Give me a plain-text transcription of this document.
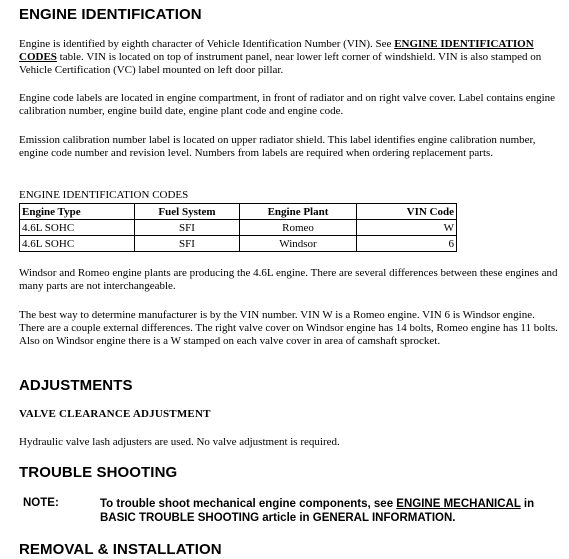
ENGINE IDENTIFICATION

Engine is identified by eighth character of Vehicle Identification Number (VIN). See ENGINE IDENTIFICATION CODES table. VIN is located on top of instrument panel, near lower left corner of windshield. VIN is also stamped on Vehicle Certification (VC) label mounted on left door pillar.

Engine code labels are located in engine compartment, in front of radiator and on right valve cover. Label contains engine calibration number, engine build date, engine plant code and engine code.

Emission calibration number label is located on upper radiator shield. This label identifies engine calibration number, engine code number and revision level. Numbers from labels are required when ordering replacement parts.

ENGINE IDENTIFICATION CODES
Engine Type	Fuel System	Engine Plant	VIN Code
4.6L SOHC	SFI	Romeo	W
4.6L SOHC	SFI	Windsor	6

Windsor and Romeo engine plants are producing the 4.6L engine. There are several differences between these engines and many parts are not interchangeable.

The best way to determine manufacturer is by the VIN number. VIN W is a Romeo engine. VIN 6 is Windsor engine. There are a couple external differences. The right valve cover on Windsor engine has 14 bolts, Romeo engine has 11 bolts. Also on Windsor engine there is a W stamped on each valve cover in area of camshaft sprocket.

ADJUSTMENTS
VALVE CLEARANCE ADJUSTMENT

Hydraulic valve lash adjusters are used. No valve adjustment is required.

TROUBLE SHOOTING
NOTE:	To trouble shoot mechanical engine components, see ENGINE MECHANICAL in BASIC TROUBLE SHOOTING article in GENERAL INFORMATION.
REMOVAL & INSTALLATION
